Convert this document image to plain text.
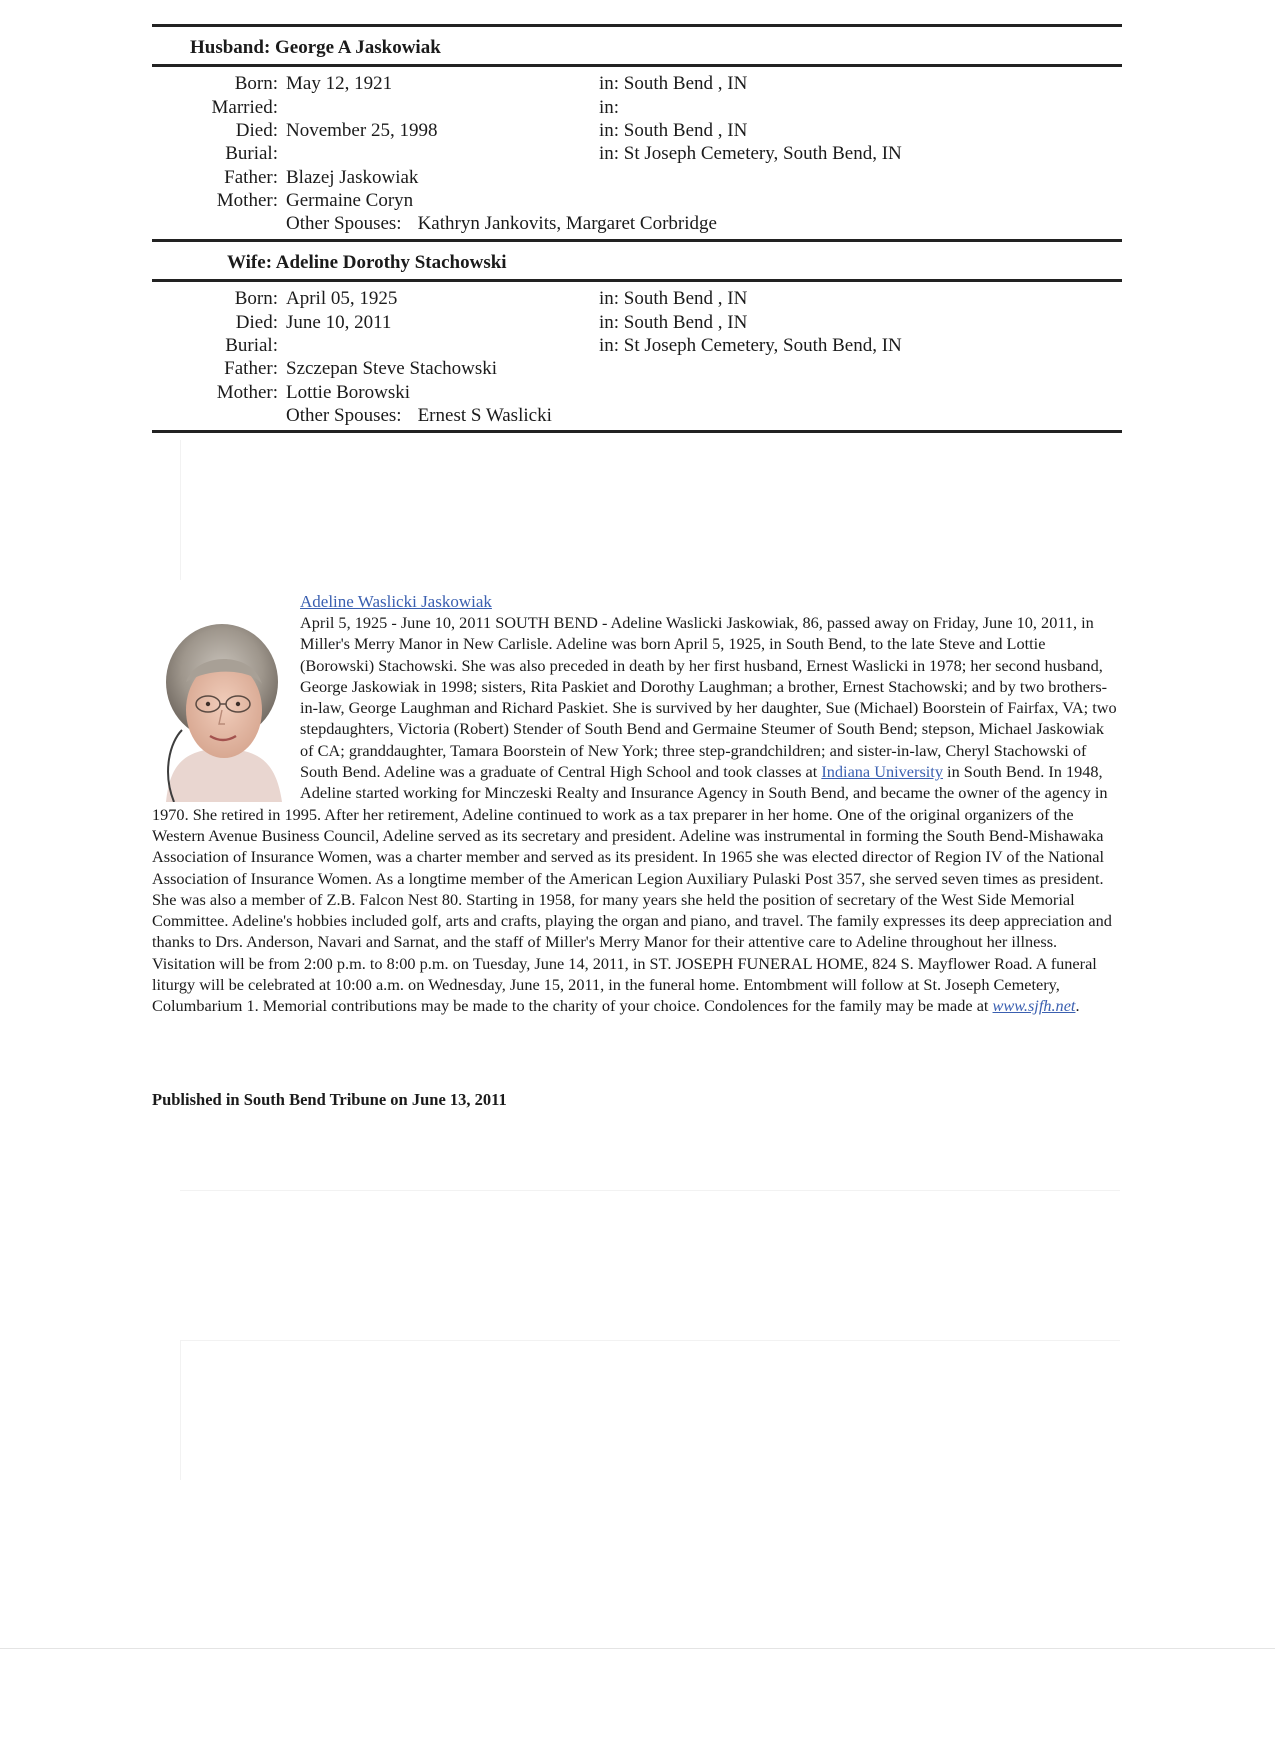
Husband: George A Jaskowiak
Born: May 12, 1921	in: South Bend , IN
Married:	in:
Died: November 25, 1998	in: South Bend , IN
Burial:	in: St Joseph Cemetery, South Bend, IN
Father: Blazej Jaskowiak
Mother: Germaine Coryn
Other Spouses: Kathryn Jankovits, Margaret Corbridge
Wife: Adeline Dorothy Stachowski
Born: April 05, 1925	in: South Bend , IN
Died: June 10, 2011	in: South Bend , IN
Burial:	in: St Joseph Cemetery, South Bend, IN
Father: Szczepan Steve Stachowski
Mother: Lottie Borowski
Other Spouses: Ernest S Waslicki
Adeline Waslicki Jaskowiak
April 5, 1925 - June 10, 2011 SOUTH BEND - Adeline Waslicki Jaskowiak, 86, passed away on Friday, June 10, 2011, in Miller's Merry Manor in New Carlisle. Adeline was born April 5, 1925, in South Bend, to the late Steve and Lottie (Borowski) Stachowski. She was also preceded in death by her first husband, Ernest Waslicki in 1978; her second husband, George Jaskowiak in 1998; sisters, Rita Paskiet and Dorothy Laughman; a brother, Ernest Stachowski; and by two brothers-in-law, George Laughman and Richard Paskiet. She is survived by her daughter, Sue (Michael) Boorstein of Fairfax, VA; two stepdaughters, Victoria (Robert) Stender of South Bend and Germaine Steumer of South Bend; stepson, Michael Jaskowiak of CA; granddaughter, Tamara Boorstein of New York; three step-grandchildren; and sister-in-law, Cheryl Stachowski of South Bend. Adeline was a graduate of Central High School and took classes at Indiana University in South Bend. In 1948, Adeline started working for Minczeski Realty and Insurance Agency in South Bend, and became the owner of the agency in 1970. She retired in 1995. After her retirement, Adeline continued to work as a tax preparer in her home. One of the original organizers of the Western Avenue Business Council, Adeline served as its secretary and president. Adeline was instrumental in forming the South Bend-Mishawaka Association of Insurance Women, was a charter member and served as its president. In 1965 she was elected director of Region IV of the National Association of Insurance Women. As a longtime member of the American Legion Auxiliary Pulaski Post 357, she served seven times as president. She was also a member of Z.B. Falcon Nest 80. Starting in 1958, for many years she held the position of secretary of the West Side Memorial Committee. Adeline's hobbies included golf, arts and crafts, playing the organ and piano, and travel. The family expresses its deep appreciation and thanks to Drs. Anderson, Navari and Sarnat, and the staff of Miller's Merry Manor for their attentive care to Adeline throughout her illness. Visitation will be from 2:00 p.m. to 8:00 p.m. on Tuesday, June 14, 2011, in ST. JOSEPH FUNERAL HOME, 824 S. Mayflower Road. A funeral liturgy will be celebrated at 10:00 a.m. on Wednesday, June 15, 2011, in the funeral home. Entombment will follow at St. Joseph Cemetery, Columbarium 1. Memorial contributions may be made to the charity of your choice. Condolences for the family may be made at www.sjfh.net.
Published in South Bend Tribune on June 13, 2011
